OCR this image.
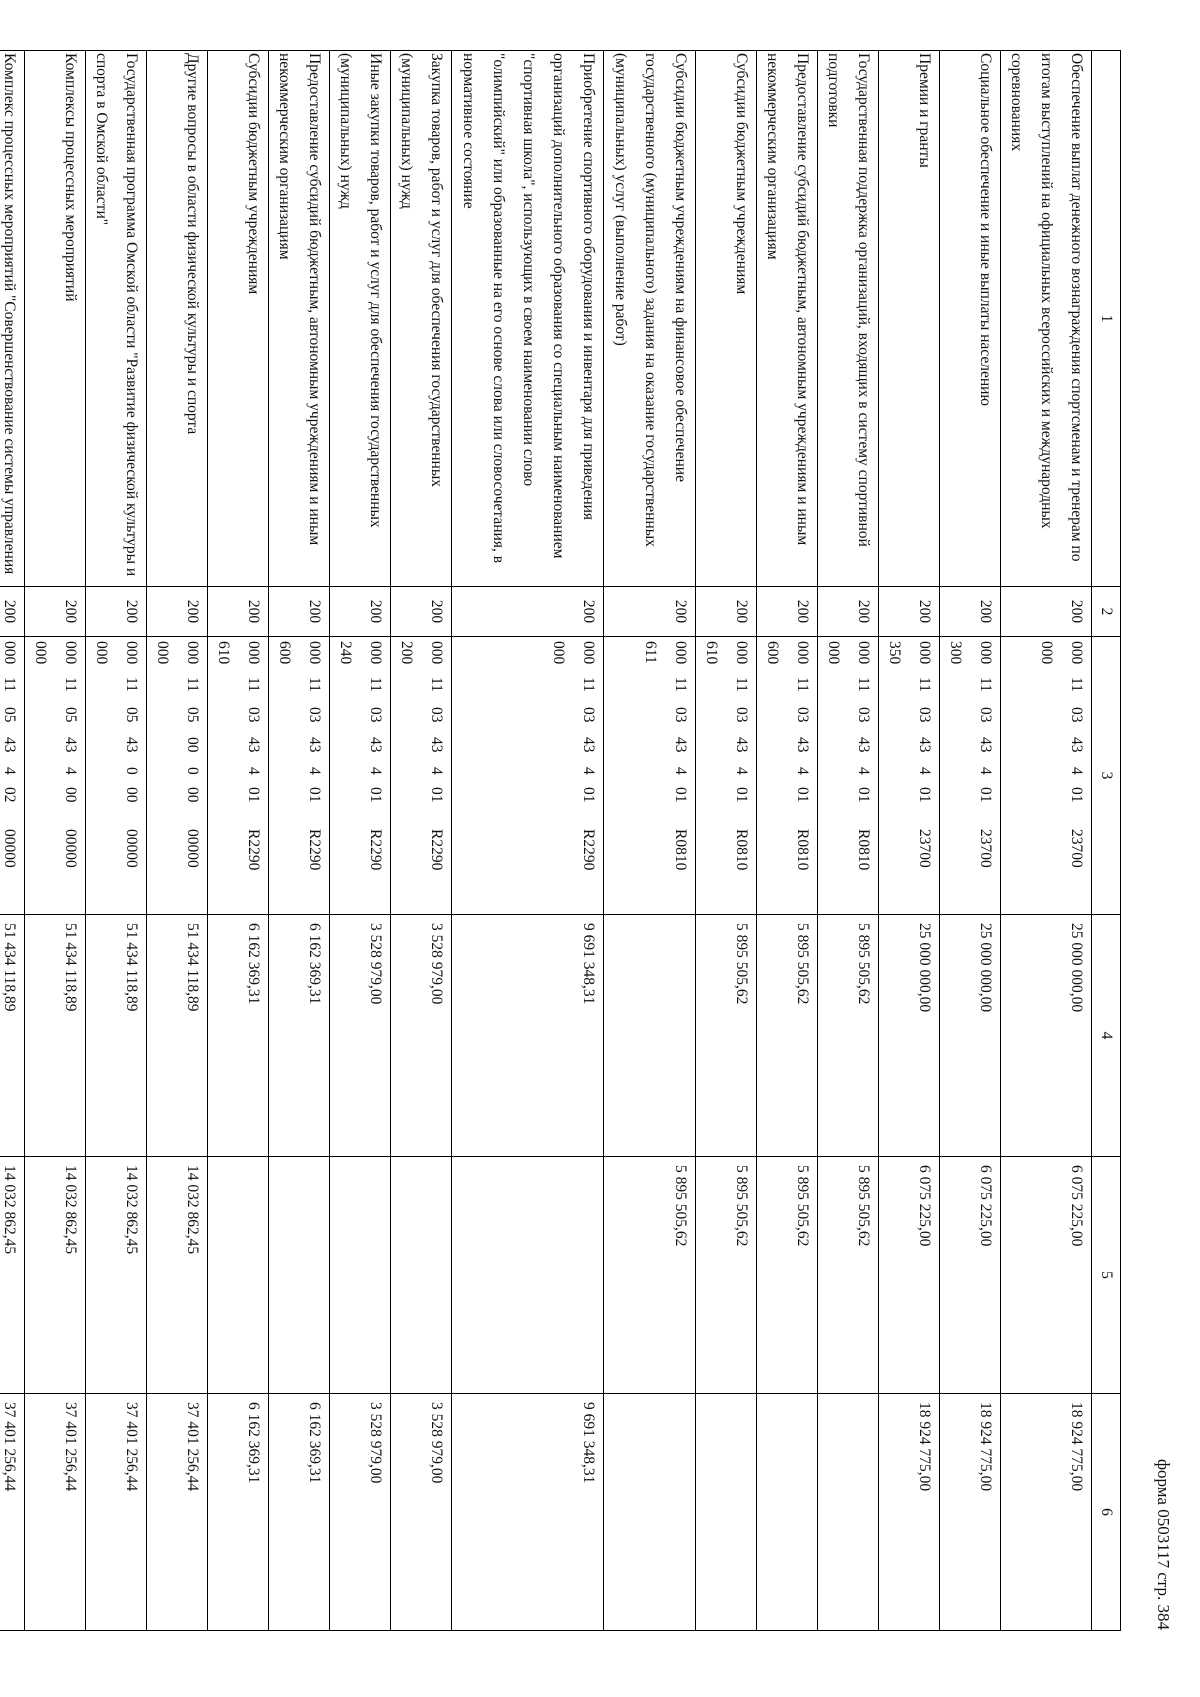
форма 0503117 стр. 384
1	2	3	4	5	6
Обеспечение выплат денежного вознаграждения спортсменам и тренерам по итогам выступлений на официальных всероссийских и международных соревнованиях	200	00011034340123700000	25 000 000,00	6 075 225,00	18 924 775,00
Социальное обеспечение и иные выплаты населению	200	00011034340123700300	25 000 000,00	6 075 225,00	18 924 775,00
Премии и гранты	200	00011034340123700350	25 000 000,00	6 075 225,00	18 924 775,00
Государственная поддержка организаций, входящих в систему спортивной подготовки	200	000110343401R0810000	5 895 505,62	5 895 505,62	
Предоставление субсидий бюджетным, автономным учреждениям и иным некоммерческим организациям	200	000110343401R0810600	5 895 505,62	5 895 505,62	
Субсидии бюджетным учреждениям	200	000110343401R0810610	5 895 505,62	5 895 505,62	
Субсидии бюджетным учреждениям на финансовое обеспечение государственного (муниципального) задания на оказание государственных (муниципальных) услуг (выполнение работ)	200	000110343401R0810611		5 895 505,62	
Приобретение спортивного оборудования и инвентаря для приведения организаций дополнительного образования со специальным наименованием "спортивная школа", использующих в своем наименовании слово "олимпийский" или образованные на его основе слова или словосочетания, в нормативное состояние	200	000110343401R2290000	9 691 348,31		9 691 348,31
Закупка товаров, работ и услуг для обеспечения государственных (муниципальных) нужд	200	000110343401R2290200	3 528 979,00		3 528 979,00
Иные закупки товаров, работ и услуг для обеспечения государственных (муниципальных) нужд	200	000110343401R2290240	3 528 979,00		3 528 979,00
Предоставление субсидий бюджетным, автономным учреждениям и иным некоммерческим организациям	200	000110343401R2290600	6 162 369,31		6 162 369,31
Субсидии бюджетным учреждениям	200	000110343401R2290610	6 162 369,31		6 162 369,31
Другие вопросы в области физической культуры и спорта	200	00011050000000000000	51 434 118,89	14 032 862,45	37 401 256,44
Государственная программа Омской области "Развитие физической культуры и спорта в Омской области"	200	00011054300000000000	51 434 118,89	14 032 862,45	37 401 256,44
Комплексы процессных мероприятий	200	00011054340000000000	51 434 118,89	14 032 862,45	37 401 256,44
Комплекс процессных мероприятий "Совершенствование системы управления	200	00011054340200000	51 434 118,89	14 032 862,45	37 401 256,44
